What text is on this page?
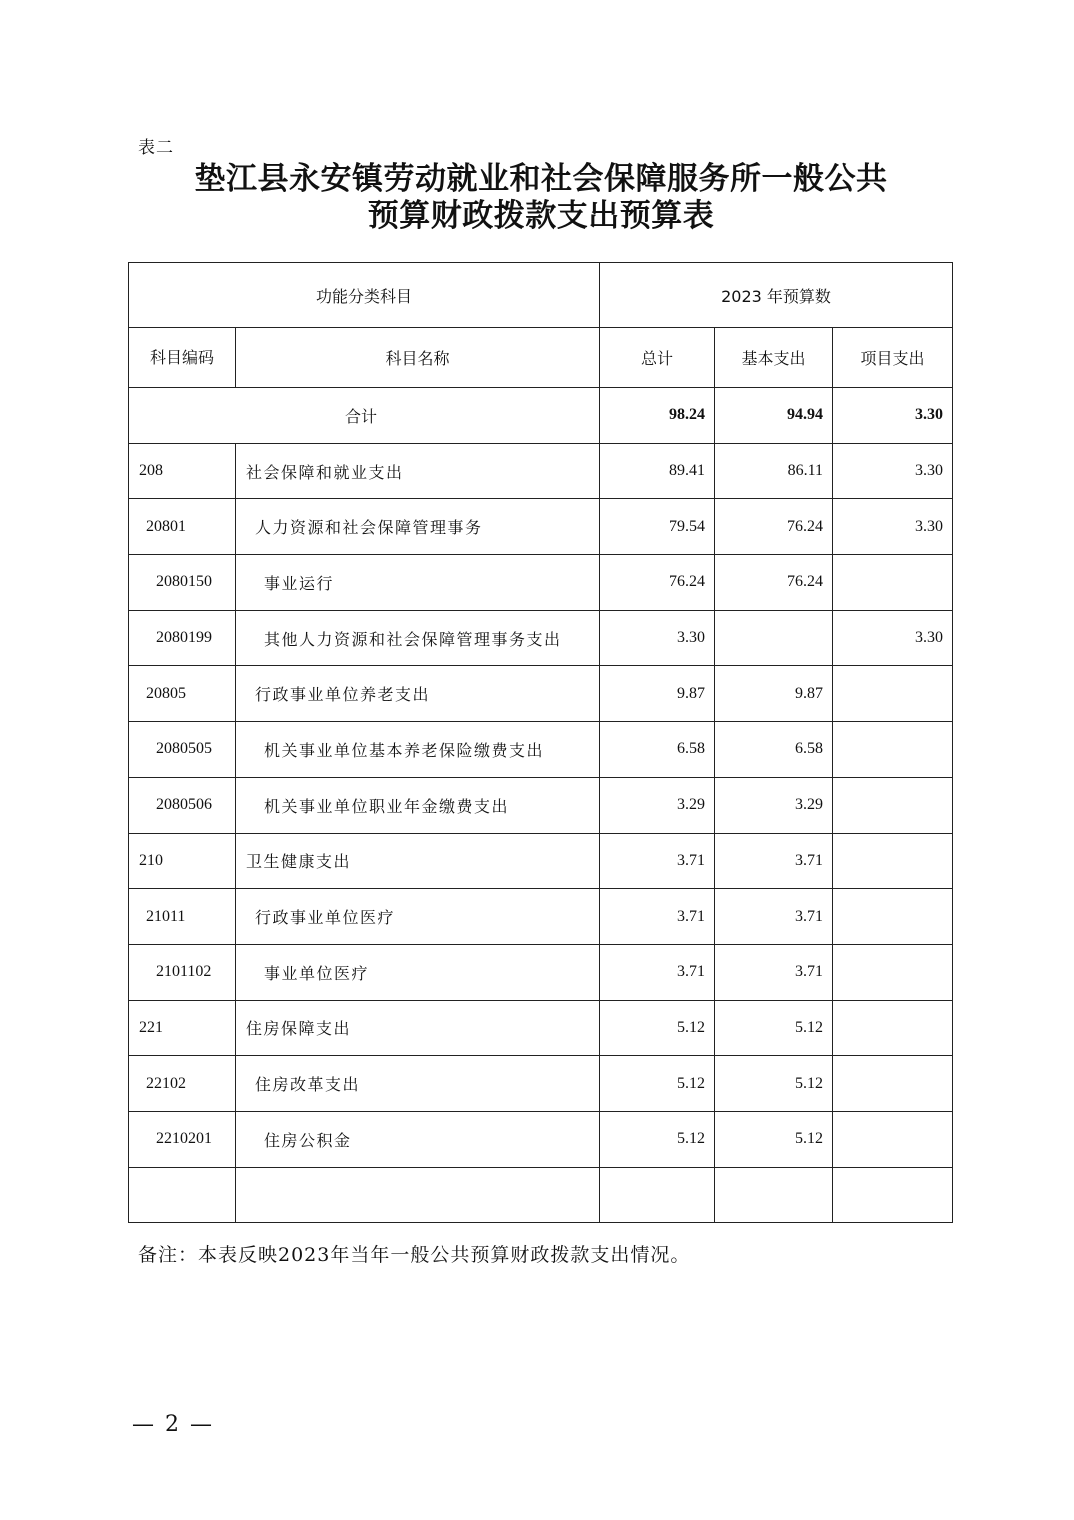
表二
垫江县永安镇劳动就业和社会保障服务所一般公共
预算财政拨款支出预算表
功能分类科目		2023 年预算数		
科目编码	科目名称	总计	基本支出	项目支出
合计		98.24	94.94	3.30
208	社会保障和就业支出	89.41	86.11	3.30
20801	人力资源和社会保障管理事务	79.54	76.24	3.30
2080150	事业运行	76.24	76.24	
2080199	其他人力资源和社会保障管理事务支出	3.30		3.30
20805	行政事业单位养老支出	9.87	9.87	
2080505	机关事业单位基本养老保险缴费支出	6.58	6.58	
2080506	机关事业单位职业年金缴费支出	3.29	3.29	
210	卫生健康支出	3.71	3.71	
21011	行政事业单位医疗	3.71	3.71	
2101102	事业单位医疗	3.71	3.71	
221	住房保障支出	5.12	5.12	
22102	住房改革支出	5.12	5.12	
2210201	住房公积金	5.12	5.12	

备注：本表反映2023年当年一般公共预算财政拨款支出情况。
— 2 —
